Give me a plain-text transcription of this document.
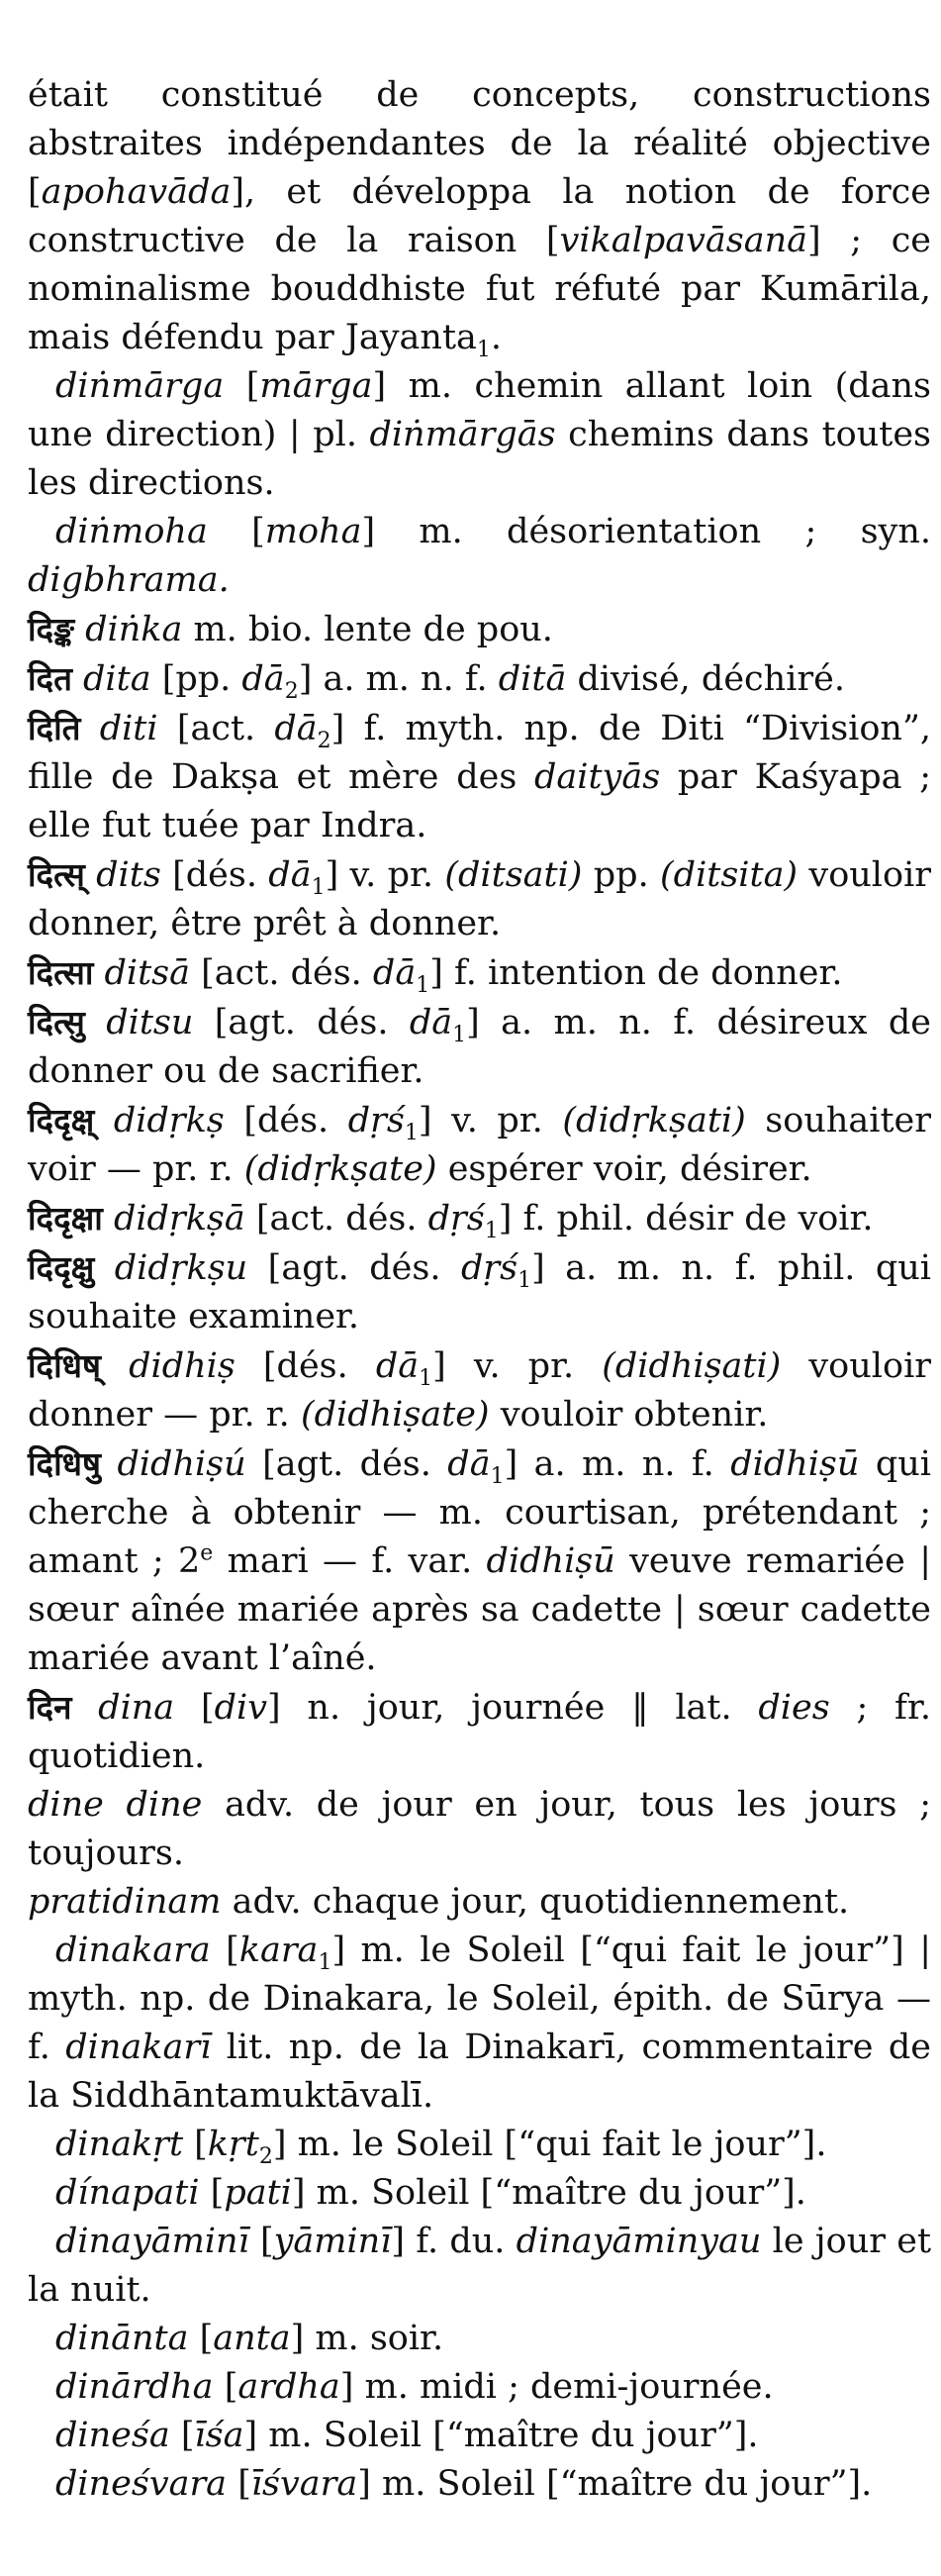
était constitué de concepts, constructions abstraites indépendantes de la réalité objective [apohavāda], et développa la notion de force constructive de la raison [vikalpavāsanā] ; ce nominalisme bouddhiste fut réfuté par Kumārila, mais défendu par Jayanta$_1$.

diṅmārga [mārga] m. chemin allant loin (dans une direction) | pl. diṅmārgās chemins dans toutes les directions.

diṅmoha [moha] m. désorientation ; syn. digbhrama.

दिङ्क diṅka m. bio. lente de pou.

दित dita [pp. $dā_2$] a. m. n. f. ditā divisé, déchiré.

दिति diti [act. $dā_2$] f. myth. np. de Diti “Division”, fille de Dakṣa et mère des daityās par Kaśyapa ; elle fut tuée par Indra.

दित्स् dits [dés. $dā_1$] v. pr. (ditsati) pp. (ditsita) vouloir donner, être prêt à donner.

दित्सा ditsā [act. dés. $dā_1$] f. intention de donner.

दित्सु ditsu [agt. dés. $dā_1$] a. m. n. f. désireux de donner ou de sacrifier.

दिदृक्ष् didṛkṣ [dés. dṛś$_1$] v. pr. (didṛkṣati) souhaiter voir — pr. r. (didṛkṣate) espérer voir, désirer.

दिदृक्षा didṛkṣā [act. dés. dṛś$_1$] f. phil. désir de voir.

दिदृक्षु didṛkṣu [agt. dés. dṛś$_1$] a. m. n. f. phil. qui souhaite examiner.

दिधिष् didhiṣ [dés. $dā_1$] v. pr. (didhiṣati) vouloir donner — pr. r. (didhiṣate) vouloir obtenir.

दिधिषु didhiṣú [agt. dés. $dā_1$] a. m. n. f. didhiṣū qui cherche à obtenir — m. courtisan, prétendant ; amant ; 2e mari — f. var. didhiṣū veuve remariée | sœur aînée mariée après sa cadette | sœur cadette mariée avant l’aîné.

दिन dina [div] n. jour, journée ‖ lat. dies ; fr. quotidien.

dine dine adv. de jour en jour, tous les jours ; toujours.

pratidinam adv. chaque jour, quotidiennement.

dinakara [kara$_1$] m. le Soleil [“qui fait le jour”] | myth. np. de Dinakara, le Soleil, épith. de Sūrya — f. dinakarī lit. np. de la Dinakarī, commentaire de la Siddhāntamuktāvalī.

dinakṛt [kṛt$_2$] m. le Soleil [“qui fait le jour”].

dínapati [pati] m. Soleil [“maître du jour”].

dinayāminī [yāminī] f. du. dinayāminyau le jour et la nuit.

dinānta [anta] m. soir.

dinārdha [ardha] m. midi ; demi-journée.

dineśa [īśa] m. Soleil [“maître du jour”].

dineśvara [īśvara] m. Soleil [“maître du jour”].
